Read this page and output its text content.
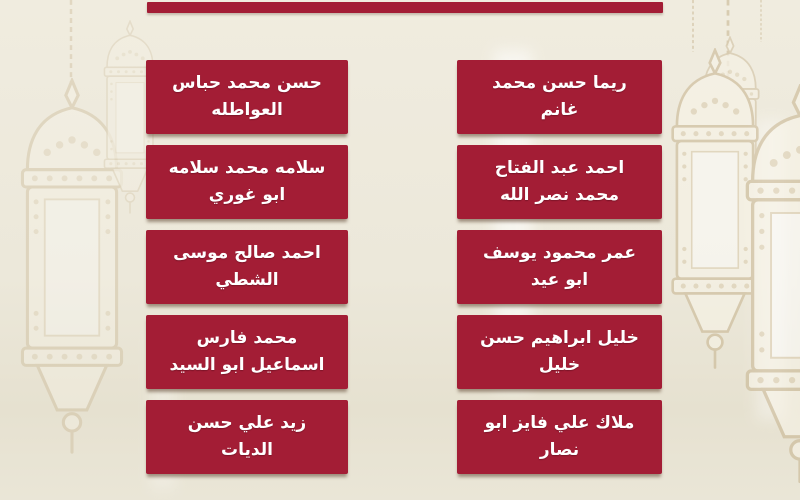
ريما حسن محمد غانم
احمد عبد الفتاح محمد نصر الله
عمر محمود يوسف ابو عيد
خليل ابراهيم حسن خليل
ملاك علي فايز ابو نصار
حسن محمد حباس العواطله
سلامه محمد سلامه ابو غوري
احمد صالح موسى الشطي
محمد فارس اسماعيل ابو السيد
زيد علي حسن الديات
